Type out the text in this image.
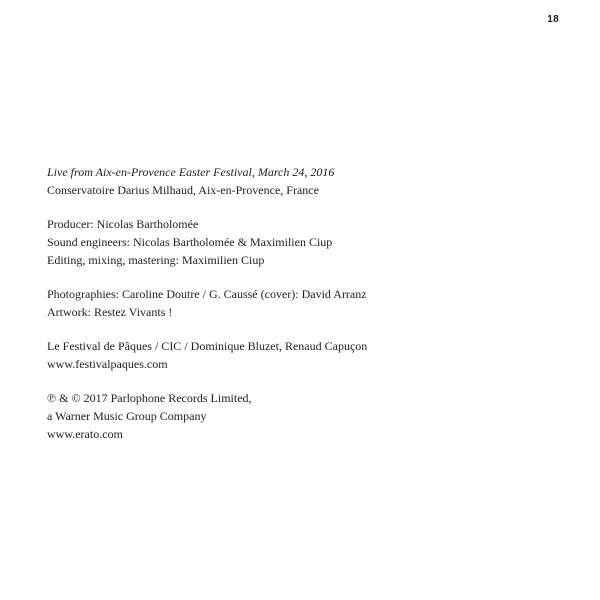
18
Live from Aix-en-Provence Easter Festival, March 24, 2016
Conservatoire Darius Milhaud, Aix-en-Provence, France
Producer: Nicolas Bartholomée
Sound engineers: Nicolas Bartholomée & Maximilien Ciup
Editing, mixing, mastering: Maximilien Ciup
Photographies: Caroline Doutre / G. Caussé (cover): David Arranz
Artwork: Restez Vivants !
Le Festival de Pâques / CIC / Dominique Bluzet, Renaud Capuçon
www.festivalpaques.com
℗ & © 2017 Parlophone Records Limited,
a Warner Music Group Company
www.erato.com
